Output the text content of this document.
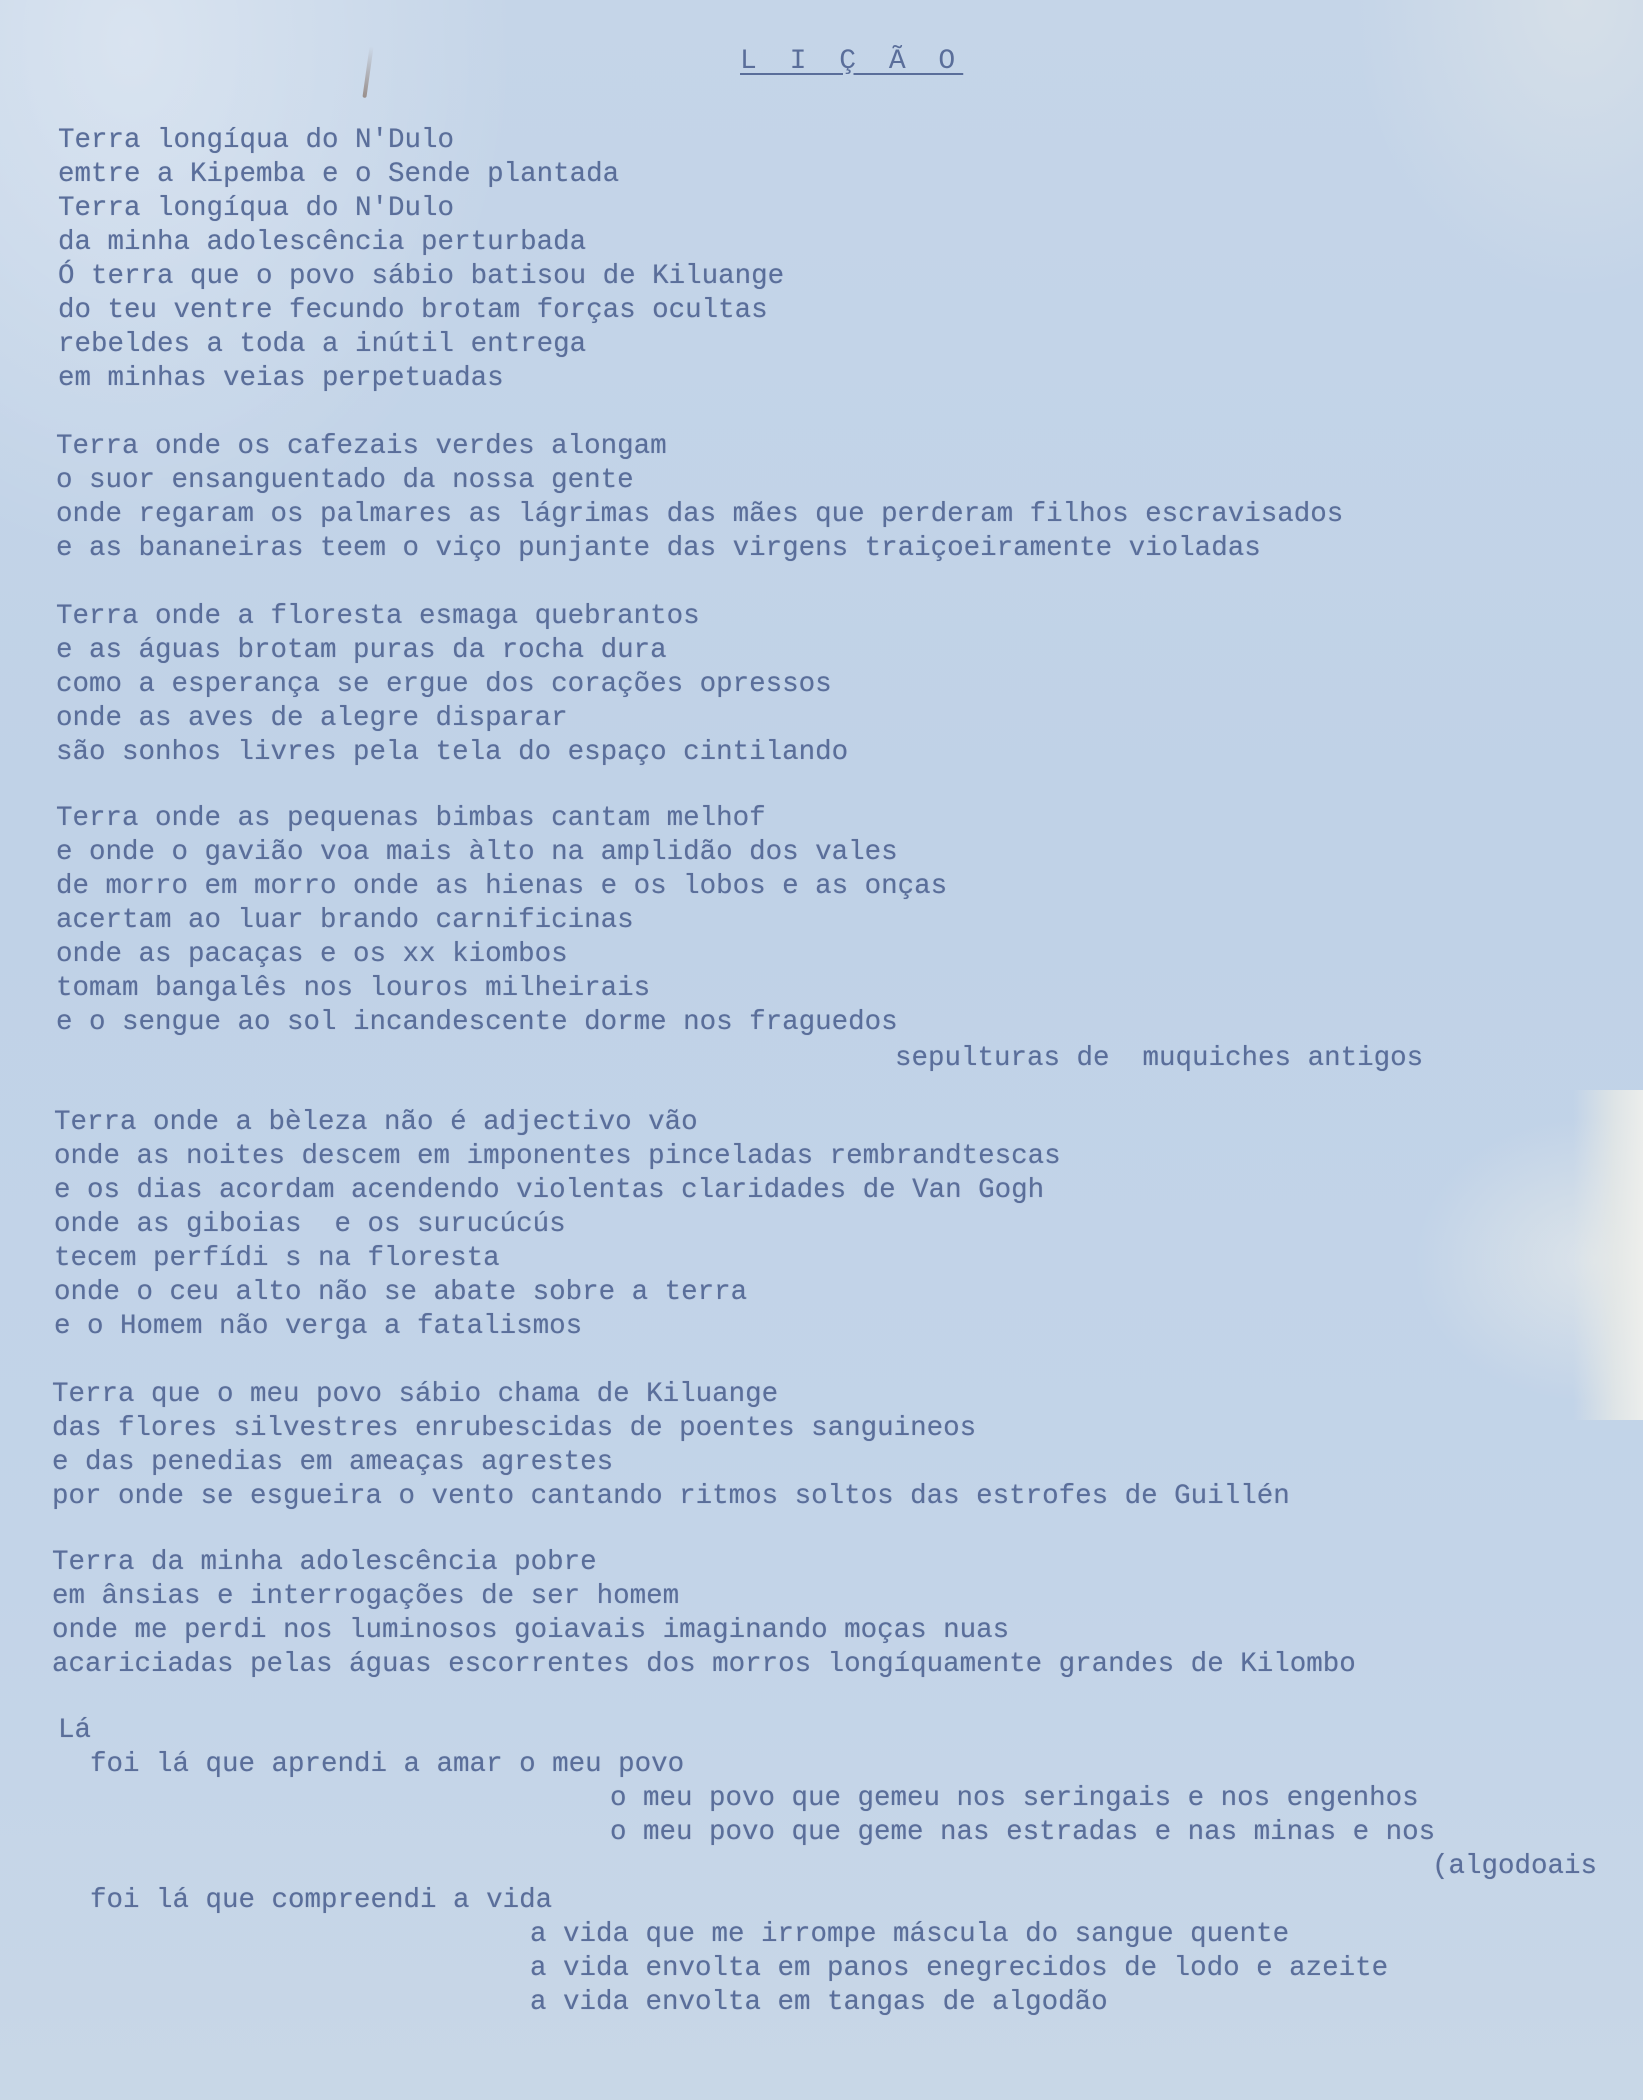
L I Ç Ã O

Terra longíqua do N'Dulo

emtre a Kipemba e o Sende plantada

Terra longíqua do N'Dulo

da minha adolescência perturbada

Ó terra que o povo sábio batisou de Kiluange

do teu ventre fecundo brotam forças ocultas

rebeldes a toda a inútil entrega

em minhas veias perpetuadas

Terra onde os cafezais verdes alongam

o suor ensanguentado da nossa gente

onde regaram os palmares as lágrimas das mães que perderam filhos escravisados

e as bananeiras teem o viço punjante das virgens traiçoeiramente violadas

Terra onde a floresta esmaga quebrantos

e as águas brotam puras da rocha dura

como a esperança se ergue dos corações opressos

onde as aves de alegre disparar

são sonhos livres pela tela do espaço cintilando

Terra onde as pequenas bimbas cantam melhof

e onde o gavião voa mais àlto na amplidão dos vales

de morro em morro onde as hienas e os lobos e as onças

acertam ao luar brando carnificinas

onde as pacaças e os xx kiombos

tomam bangalês nos louros milheirais

e o sengue ao sol incandescente dorme nos fraguedos

sepulturas de  muquiches antigos

Terra onde a bèleza não é adjectivo vão

onde as noites descem em imponentes pinceladas rembrandtescas

e os dias acordam acendendo violentas claridades de Van Gogh

onde as giboias  e os surucúcús

tecem perfídi s na floresta

onde o ceu alto não se abate sobre a terra

e o Homem não verga a fatalismos

Terra que o meu povo sábio chama de Kiluange

das flores silvestres enrubescidas de poentes sanguineos

e das penedias em ameaças agrestes

por onde se esgueira o vento cantando ritmos soltos das estrofes de Guillén

Terra da minha adolescência pobre

em ânsias e interrogações de ser homem

onde me perdi nos luminosos goiavais imaginando moças nuas

acariciadas pelas águas escorrentes dos morros longíquamente grandes de Kilombo

Lá

foi lá que aprendi a amar o meu povo

o meu povo que gemeu nos seringais e nos engenhos

o meu povo que geme nas estradas e nas minas e nos

(algodoais

foi lá que compreendi a vida

a vida que me irrompe máscula do sangue quente

a vida envolta em panos enegrecidos de lodo e azeite

a vida envolta em tangas de algodão
